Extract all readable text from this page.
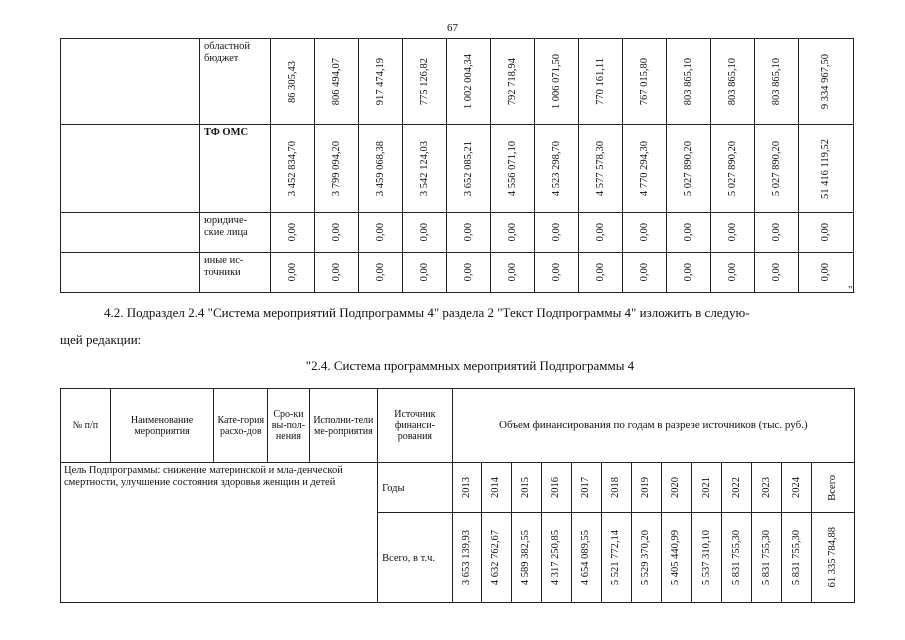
67
	областной бюджет	86 305,43	806 494,07	917 474,19	775 126,82	1 002 004,34	792 718,94	1 006 071,50	770 161,11	767 015,80	803 865,10	803 865,10	803 865,10	9 334 967,50

	ТФ ОМС	3 452 834,70	3 799 094,20	3 459 068,38	3 542 124,03	3 652 085,21	4 556 071,10	4 523 298,70	4 577 578,30	4 770 294,30	5 027 890,20	5 027 890,20	5 027 890,20	51 416 119,52

	юридиче-ские лица	0,00	0,00	0,00	0,00	0,00	0,00	0,00	0,00	0,00	0,00	0,00	0,00	0,00

	иные ис-точники	0,00	0,00	0,00	0,00	0,00	0,00	0,00	0,00	0,00	0,00	0,00	0,00	0,00
".
4.2. Подраздел 2.4 "Система мероприятий Подпрограммы 4" раздела 2 "Текст Подпрограммы 4" изложить в следую-
щей редакции:
"2.4. Система программных мероприятий Подпрограммы 4
№ п/п	Наименование мероприятия	Кате-гория расхо-дов	Сро-ки вы-пол-нения	Исполни-тели ме-роприятия	Источник финанси-рования	Объем финансирования по годам в разрезе источников (тыс. руб.)												
Цель Подпрограммы: снижение материнской и мла-денческой смертности, улучшение состояния здоровья женщин и детей					Годы	2013	2014	2015	2016	2017	2018	2019	2020	2021	2022	2023	2024	Всего

					Всего, в т.ч.	3 653 139,93	4 632 762,67	4 589 382,55	4 317 250,85	4 654 089,55	5 521 772,14	5 529 370,20	5 405 440,99	5 537 310,10	5 831 755,30	5 831 755,30	5 831 755,30	61 335 784,88
